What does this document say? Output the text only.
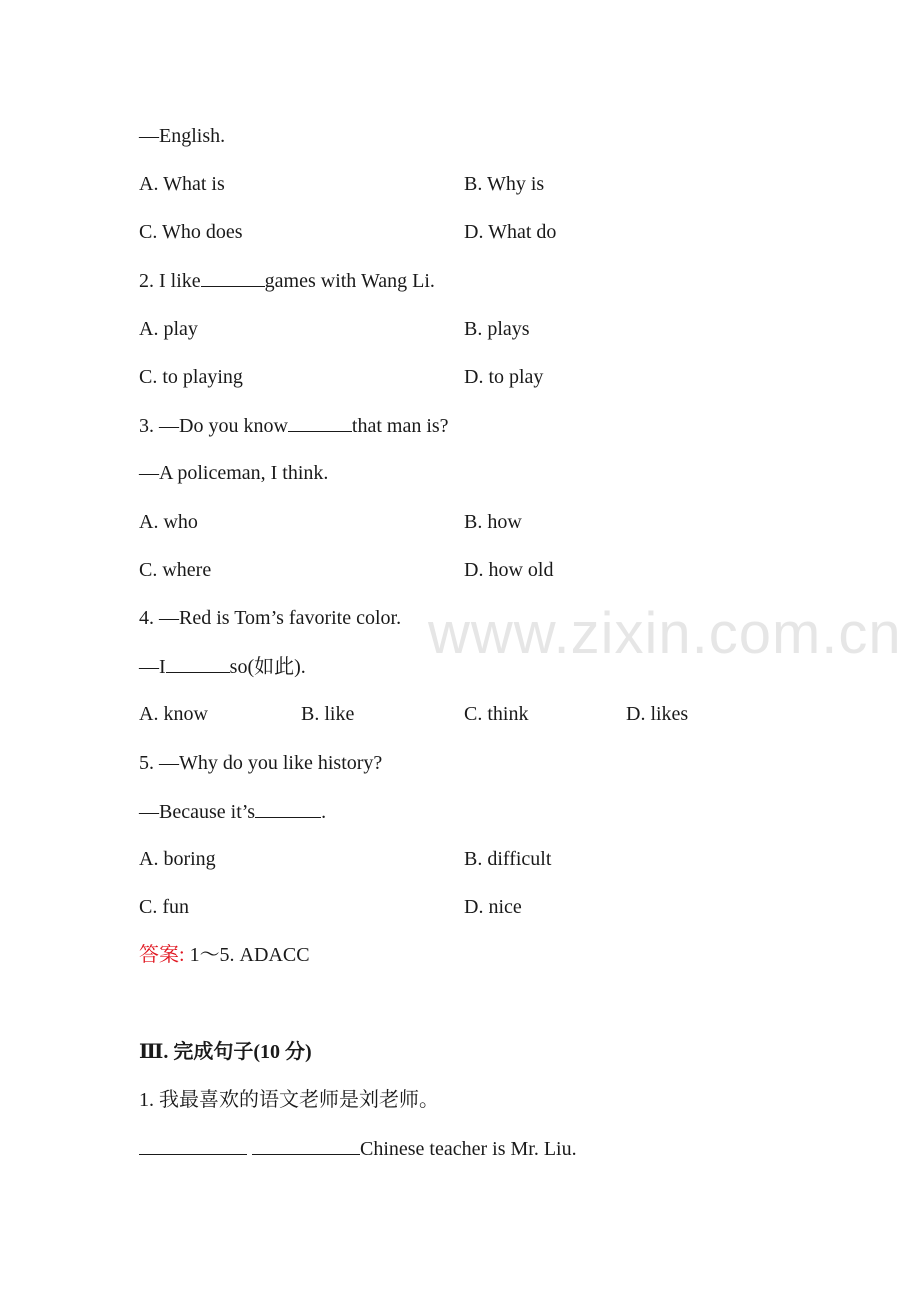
www.zixin.com.cn
—English.
A. What is	B. Why is
C. Who does	D. What do
2. I like	games with Wang Li.
A. play	B. plays
C. to playing	D. to play
3. —Do you know	that man is?
—A policeman, I think.
A. who	B. how
C. where	D. how old
4. —Red is Tom’s favorite color.
—I	so(如此).
A. know	B. like	C. think	D. likes
5. —Why do you like history?
—Because it’s	.
A. boring	B. difficult
C. fun	D. nice
答案: 1～5. ADACC
Ⅲ. 完成句子(10 分)
1. 我最喜欢的语文老师是刘老师。
Chinese teacher is Mr. Liu.
